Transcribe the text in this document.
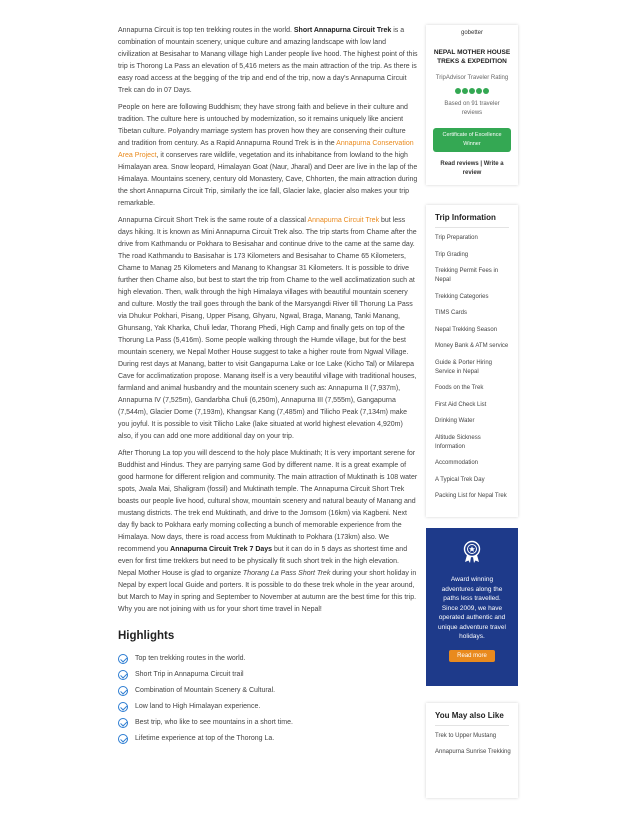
Annapurna Circuit is top ten trekking routes in the world. Short Annapurna Circuit Trek is a combination of mountain scenery, unique culture and amazing landscape with low land civilization at Besisahar to Manang village high Lander people live hood. The highest point of this trip is Thorong La Pass an elevation of 5,416 meters as the main attraction of the trip. As there is easy road access at the begging of the trip and end of the trip, now a day's Annapurna Circuit Trek can do in 07 Days.

People on here are following Buddhism; they have strong faith and believe in their culture and tradition. The culture here is untouched by modernization, so it remains uniquely like ancient Tibetan culture. Polyandry marriage system has proven how they are conserving their culture and tradition from century. As a Rapid Annapurna Round Trek is in the Annapurna Conservation Area Project, it conserves rare wildlife, vegetation and its inhabitance from lowland to the high Himalayan area. Snow leopard, Himalayan Goat (Naur, Jharal) and Deer are live in the lap of the Himalaya. Mountains scenery, century old Monastery, Cave, Chhorten, the main attraction during the short Annapurna Circuit Trip, similarly the ice fall, Glacier lake, glacier also makes your trip remarkable.

Annapurna Circuit Short Trek is the same route of a classical Annapurna Circuit Trek but less days hiking. It is known as Mini Annapurna Circuit Trek also. The trip starts from Chame after the drive from Kathmandu or Pokhara to Besisahar and continue drive to the came at the same day. The road Kathmandu to Basisahar is 173 Kilometers and Besisahar to Chame 65 Kilometers, Chame to Manag 25 Kilometers and Manang to Khangsar 31 Kilometers. It is possible to drive further then Chame also, but best to start the trip from Chame to the well acclimatization such at high elevation. Then, walk through the high Himalaya villages with beautiful mountain scenery and culture. Mostly the trail goes through the bank of the Marsyangdi River till Thorung La Pass via Dhukur Pokhari, Pisang, Upper Pisang, Ghyaru, Ngwal, Braga, Manang, Tanki Manang, Ghunsang, Yak Kharka, Chuli ledar, Thorang Phedi, High Camp and finally gets on top of the Thorung La Pass (5,416m). Some people walking through the Humde village, but for the best mountain scenery, we Nepal Mother House suggest to take a higher route from Ngwal Village. During rest days at Manang, batter to visit Gangapurna Lake or Ice Lake (Kicho Tal) or Milarepa Cave for acclimatization propose. Manang itself is a very beautiful village with traditional houses, farmland and animal husbandry and the mountain scenery such as: Annapurna II (7,937m), Annapurna IV (7,525m), Gandarbha Chuli (6,250m), Annapurna III (7,555m), Gangapurna (7,544m), Glacier Dome (7,193m), Khangsar Kang (7,485m) and Tilicho Peak (7,134m) make you joyful. It is possible to visit Tilicho Lake (lake situated at world highest elevation 4,920m) also, if you can add one more additional day on your trip.

After Thorung La top you will descend to the holy place Muktinath; It is very important serene for Buddhist and Hindus. They are parrying same God by different name. It is a great example of good harmone for different religion and community. The main attraction of Muktinath is 108 water spots, Jwala Mai, Shaligram (fossil) and Muktinath temple. The Annapurna Circuit Short Trek boasts our people live hood, cultural show, mountain scenery and natural beauty of Manang and mustang districts. The trek end Muktinath, and drive to the Jomsom (16km) via Kagbeni. Next day fly back to Pokhara early morning collecting a bunch of memorable experience from the Himalaya. Now days, there is road access from Muktinath to Pokhara (173km) also. We recommend you Annapurna Circuit Trek 7 Days but it can do in 5 days as shortest time and even for first time trekkers but need to be physically fit such short trek in the high elevation. Nepal Mother House is glad to organize Thorang La Pass Short Trek during your short holiday in Nepal by expert local Guide and porters. It is possible to do these trek whole in the year around, but March to May in spring and September to November at autumn are the best time for this trip. Why you are not joining with us for your short time travel in Nepal!

Highlights
Top ten trekking routes in the world.
Short Trip in Annapurna Circuit trail
Combination of Mountain Scenery & Cultural.
Low land to High Himalayan experience.
Best trip, who like to see mountains in a short time.
Lifetime experience at top of the Thorong La.
gobetter
NEPAL MOTHER HOUSE TREKS & EXPEDITION
TripAdvisor Traveler Rating
Based on 91 traveler reviews
Certificate of Excellence Winner
Read reviews | Write a review
Trip Information
Trip Preparation
Trip Grading
Trekking Permit Fees in Nepal
Trekking Categories
TIMS Cards
Nepal Trekking Season
Money Bank & ATM service
Guide & Porter Hiring Service in Nepal
Foods on the Trek
First Aid Check List
Drinking Water
Altitude Sickness Information
Accommodation
A Typical Trek Day
Packing List for Nepal Trek
Award winning adventures along the paths less travelled. Since 2009, we have operated authentic and unique adventure travel holidays.
Read more
You May also Like
Trek to Upper Mustang
Annapurna Sunrise Trekking
